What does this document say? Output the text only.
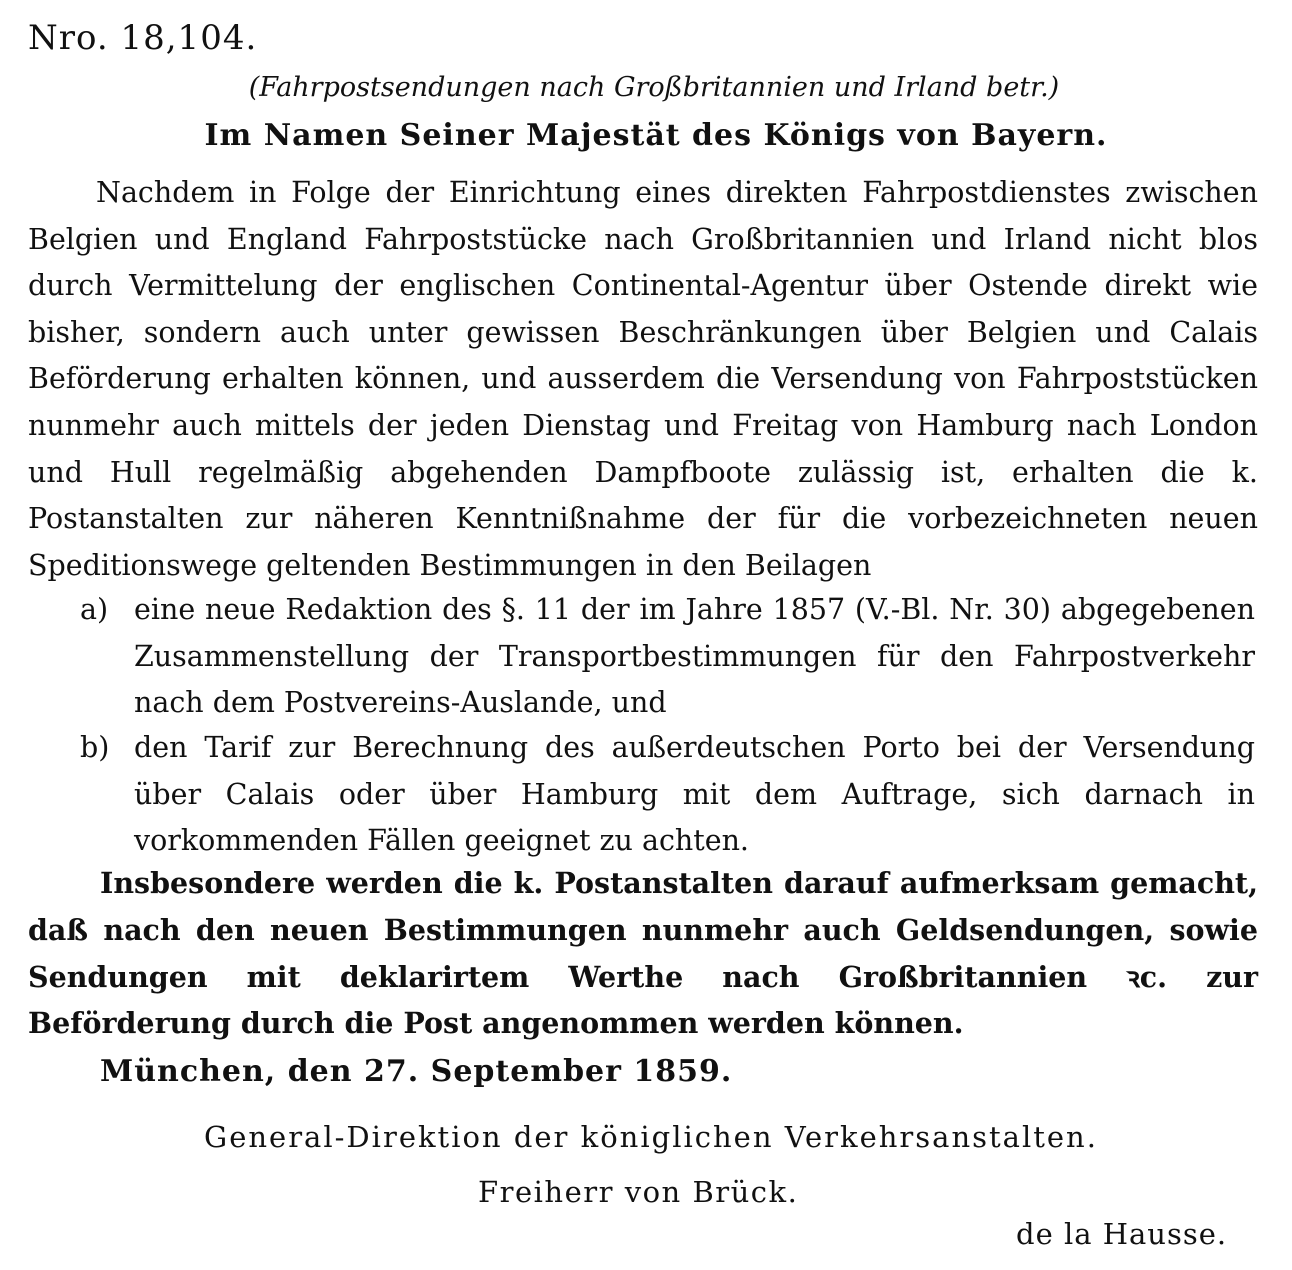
Nro. 18,104.
(Fahrpostsendungen nach Großbritannien und Irland betr.)
Im Namen Seiner Majestät des Königs von Bayern.

Nachdem in Folge der Einrichtung eines direkten Fahrpostdienstes zwischen Belgien und England Fahrpoststücke nach Großbritannien und Irland nicht blos durch Vermittelung der englischen Continental-Agentur über Ostende direkt wie bisher, sondern auch unter gewissen Beschränkungen über Belgien und Calais Beförderung erhalten können, und ausserdem die Versendung von Fahrpoststücken nunmehr auch mittels der jeden Dienstag und Freitag von Hamburg nach London und Hull regelmäßig abgehenden Dampfboote zulässig ist, erhalten die k. Postanstalten zur näheren Kenntnißnahme der für die vorbezeichneten neuen Speditionswege geltenden Bestimmungen in den Beilagen

a) eine neue Redaktion des §. 11 der im Jahre 1857 (V.-Bl. Nr. 30) abgegebenen Zusammenstellung der Transportbestimmungen für den Fahrpostverkehr nach dem Postvereins-Auslande, und
b) den Tarif zur Berechnung des außerdeutschen Porto bei der Versendung über Calais oder über Hamburg mit dem Auftrage, sich darnach in vorkommenden Fällen geeignet zu achten.

Insbesondere werden die k. Postanstalten darauf aufmerksam gemacht, daß nach den neuen Bestimmungen nunmehr auch Geldsendungen, sowie Sendungen mit deklarirtem Werthe nach Großbritannien ꝛc. zur Beförderung durch die Post angenommen werden können.

München, den 27. September 1859.
General-Direktion der königlichen Verkehrsanstalten.
Freiherr von Brück.
de la Hausse.
